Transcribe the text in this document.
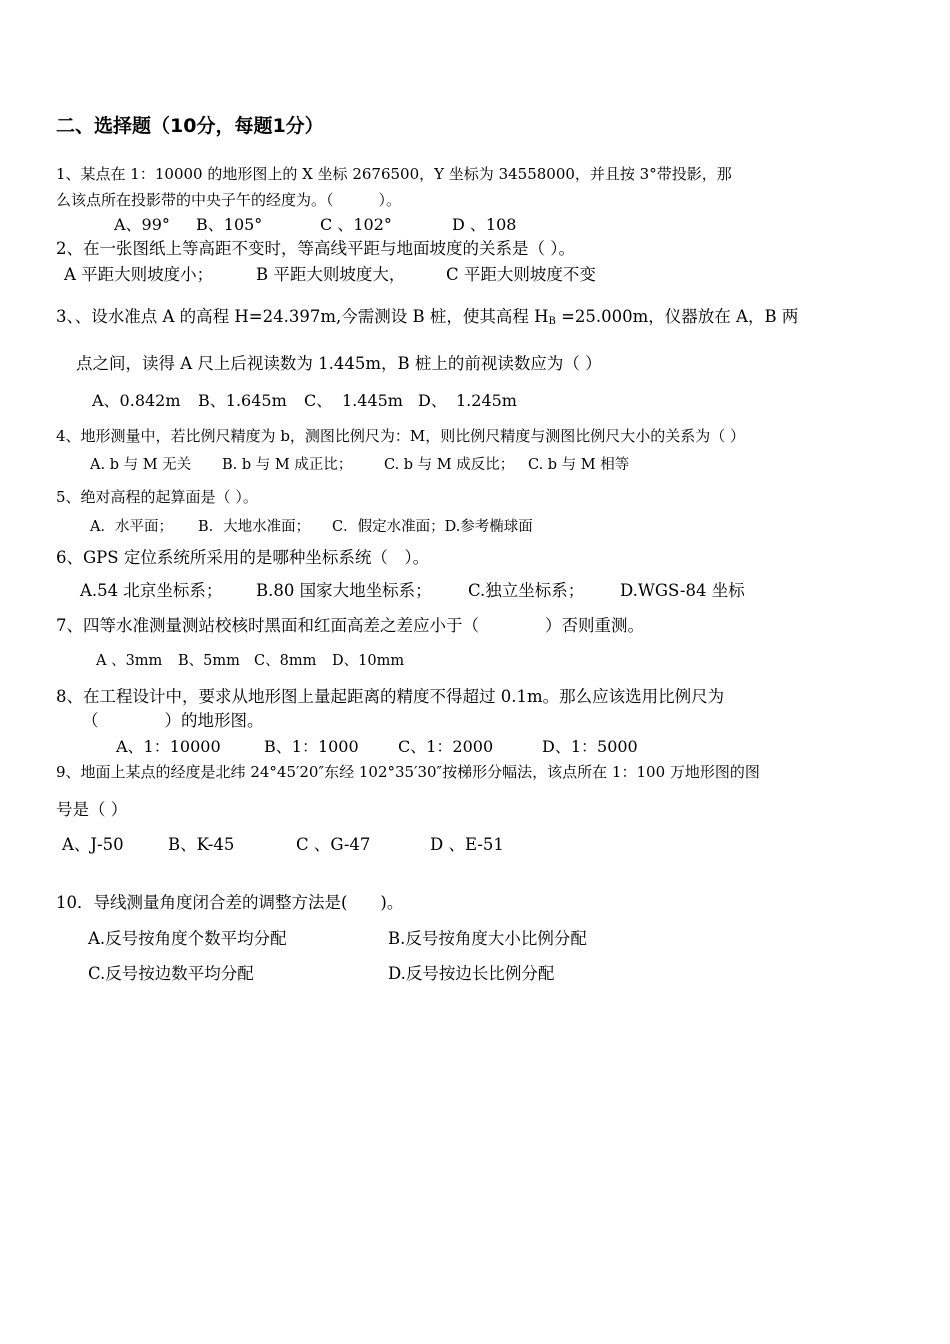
二、选择题（10分，每题1分）
1、某点在 1：10000 的地形图上的 X 坐标 2676500，Y 坐标为 34558000，并且按 3°带投影，那
么该点所在投影带的中央子午的经度为。（　　　）。
A、99° B、105°	C 、102°	D 、108
2、在一张图纸上等高距不变时，等高线平距与地面坡度的关系是（ ）。
A 平距大则坡度小；	B 平距大则坡度大， C 平距大则坡度不变
3、、设水准点 A 的高程 H=24.397m,今需测设 B 桩，使其高程 $H_B =25.000m$，仪器放在 A，B 两
点之间，读得 A 尺上后视读数为 1.445m，B 桩上的前视读数应为（ ）
A、0.842m B、1.645m C、 1.445m D、 1.245m
4、地形测量中，若比例尺精度为 b，测图比例尺为：M，则比例尺精度与测图比例尺大小的关系为（ ）
A. b 与 M 无关 B. b 与 M 成正比； C. b 与 M 成反比； C. b 与 M 相等
5、绝对高程的起算面是（ ）。
A．水平面； B．大地水准面； C．假定水准面；D.参考椭球面
6、GPS 定位系统所采用的是哪种坐标系统（　）。
A.54 北京坐标系； B.80 国家大地坐标系； C.独立坐标系； D.WGS-84 坐标
7、四等水准测量测站校核时黑面和红面高差之差应小于（　　　　）否则重测。
A 、3mm B、5mm C、8mm D、10mm
8、在工程设计中，要求从地形图上量起距离的精度不得超过 0.1m。那么应该选用比例尺为
（　　　　）的地形图。
A、1：10000	B、1：1000 C、1：2000	D、1：5000
9、地面上某点的经度是北纬 24°45′20″东经 102°35′30″按梯形分幅法，该点所在 1：100 万地形图的图
号是（ ）
A、J-50	B、K-45	C 、G-47	D 、E-51
10．导线测量角度闭合差的调整方法是(　　)。
A.反号按角度个数平均分配	B.反号按角度大小比例分配
C.反号按边数平均分配	D.反号按边长比例分配
